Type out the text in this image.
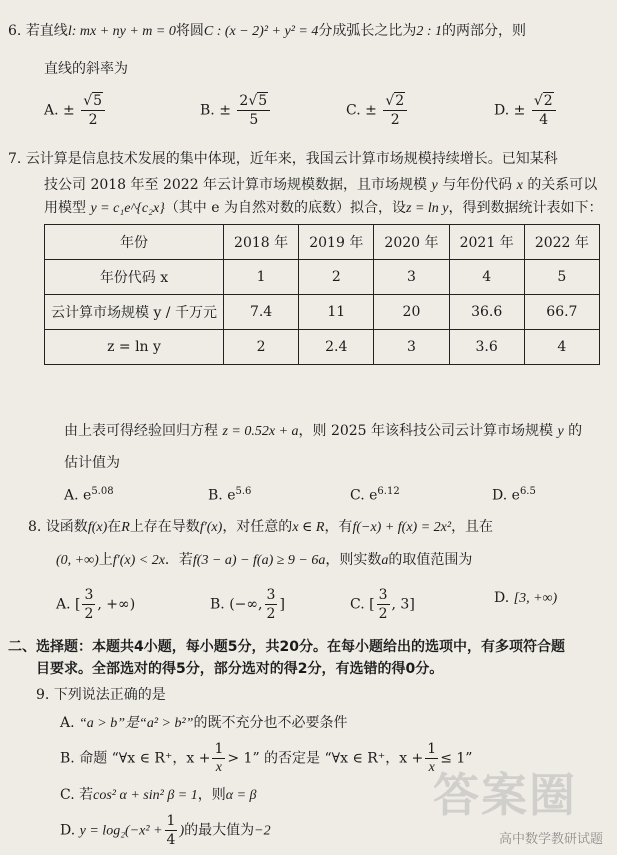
6. 若直线l: mx + ny + m = 0将圆C : (x − 2)² + y² = 4分成弧长之比为2 : 1的两部分，则
直线的斜率为
A. ± $\frac{√5}{2}$	B. ± $\frac{2√5}{5}$	C. ± $\frac{√2}{2}$	D. ± $\frac{√2}{4}$
7. 云计算是信息技术发展的集中体现，近年来，我国云计算市场规模持续增长。已知某科
技公司 2018 年至 2022 年云计算市场规模数据，且市场规模 y 与年份代码 x 的关系可以
用模型 y = c₁e^{c₂x}（其中 e 为自然对数的底数）拟合，设z = ln y，得到数据统计表如下：
年份	2018 年	2019 年	2020 年	2021 年	2022 年
年份代码 x	1	2	3	4	5
云计算市场规模 y / 千万元	7.4	11	20	36.6	66.7
z = ln y	2	2.4	3	3.6	4
由上表可得经验回归方程 z = 0.52x + a，则 2025 年该科技公司云计算市场规模 y 的
估计值为
A. $e^{5.08}$	B. $e^{5.6}$	C. $e^{6.12}$	D. $e^{6.5}$
8. 设函数f(x)在R上存在导数f′(x)，对任意的x ∈ R，有f(−x) + f(x) = 2x²，且在
(0, +∞)上f′(x) < 2x．若f(3 − a) − f(a) ≥ 9 − 6a，则实数a的取值范围为
A. [ $\frac{3}{2}$ , +∞)	B. (−∞, $\frac{3}{2}$ ]	C. [ $\frac{3}{2}$ , 3]	D. [3, +∞)
二、选择题：本题共4小题，每小题5分，共20分。在每小题给出的选项中，有多项符合题
目要求。全部选对的得5分，部分选对的得2分，有选错的得0分。
9. 下列说法正确的是
A. “a > b”是“a² > b²”的既不充分也不必要条件
B. 命题 “∀x ∈ R⁺，$x + \frac{1}{x} > 1$” 的否定是 “∀x ∈ R⁺，$x + \frac{1}{x} \le 1$”
C. 若cos² α + sin² β = 1，则α = β
D. $y = \log_2(-x^2 + \frac{1}{4}$ )的最大值为−2
答案圈
高中数学教研试题
